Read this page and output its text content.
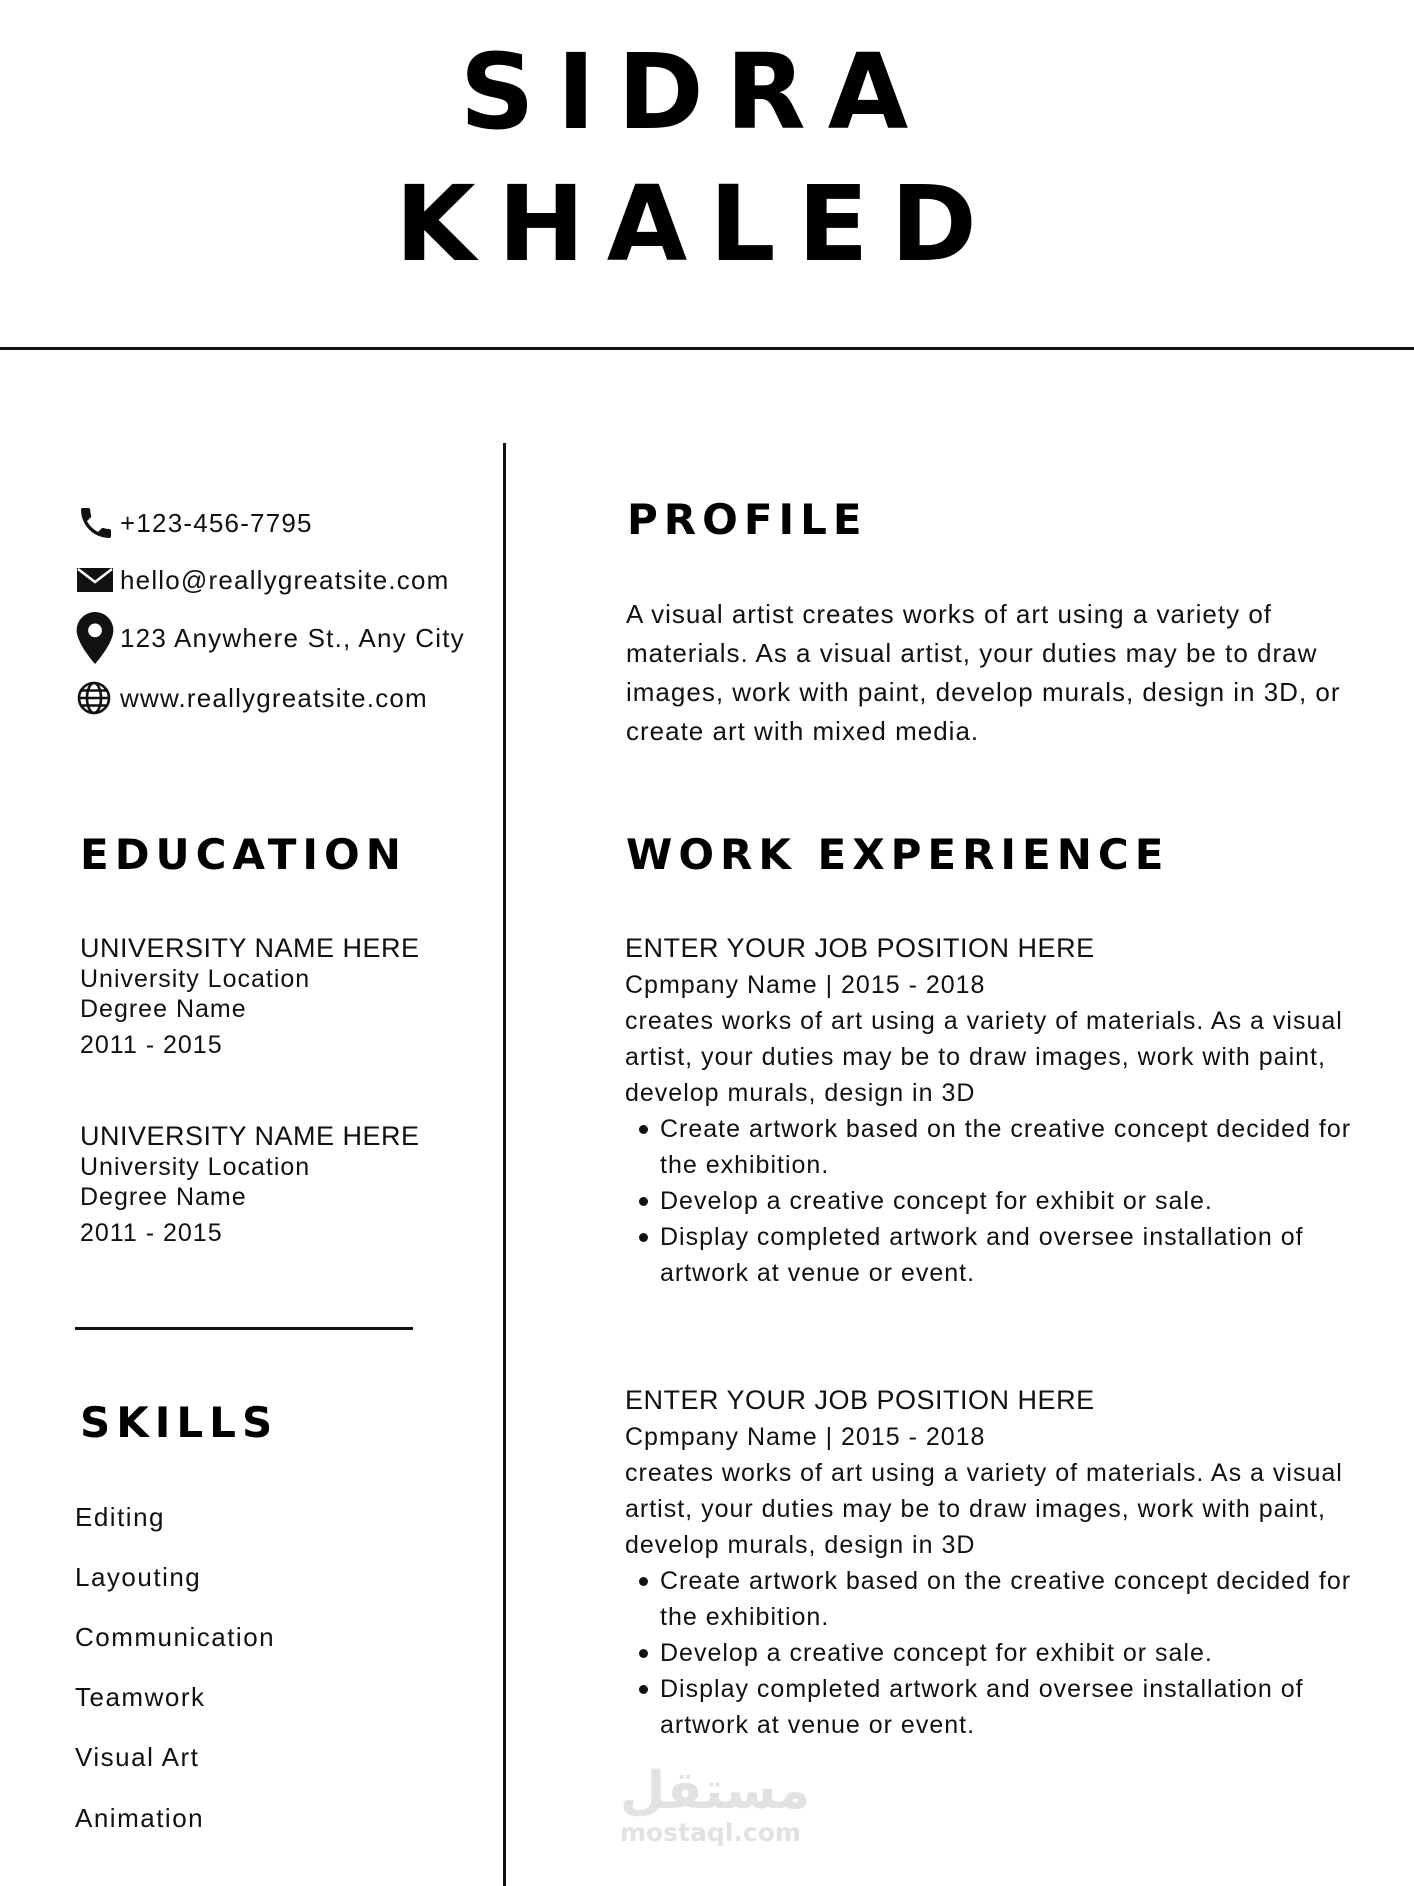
SIDRA
KHALED
+123-456-7795
hello@reallygreatsite.com
123 Anywhere St., Any City
www.reallygreatsite.com
EDUCATION
UNIVERSITY NAME HERE
University Location
Degree Name
2011 - 2015
UNIVERSITY NAME HERE
University Location
Degree Name
2011 - 2015
SKILLS
Editing
Layouting
Communication
Teamwork
Visual Art
Animation
PROFILE
A visual artist creates works of art using a variety of materials. As a visual artist, your duties may be to draw images, work with paint, develop murals, design in 3D, or create art with mixed media.
WORK EXPERIENCE
ENTER YOUR JOB POSITION HERE
Cpmpany Name | 2015 - 2018
creates works of art using a variety of materials. As a visual artist, your duties may be to draw images, work with paint, develop murals, design in 3D
Create artwork based on the creative concept decided for the exhibition.
Develop a creative concept for exhibit or sale.
Display completed artwork and oversee installation of artwork at venue or event.
ENTER YOUR JOB POSITION HERE
Cpmpany Name | 2015 - 2018
creates works of art using a variety of materials. As a visual artist, your duties may be to draw images, work with paint, develop murals, design in 3D
Create artwork based on the creative concept decided for the exhibition.
Develop a creative concept for exhibit or sale.
Display completed artwork and oversee installation of artwork at venue or event.
مستقل
mostaql.com
